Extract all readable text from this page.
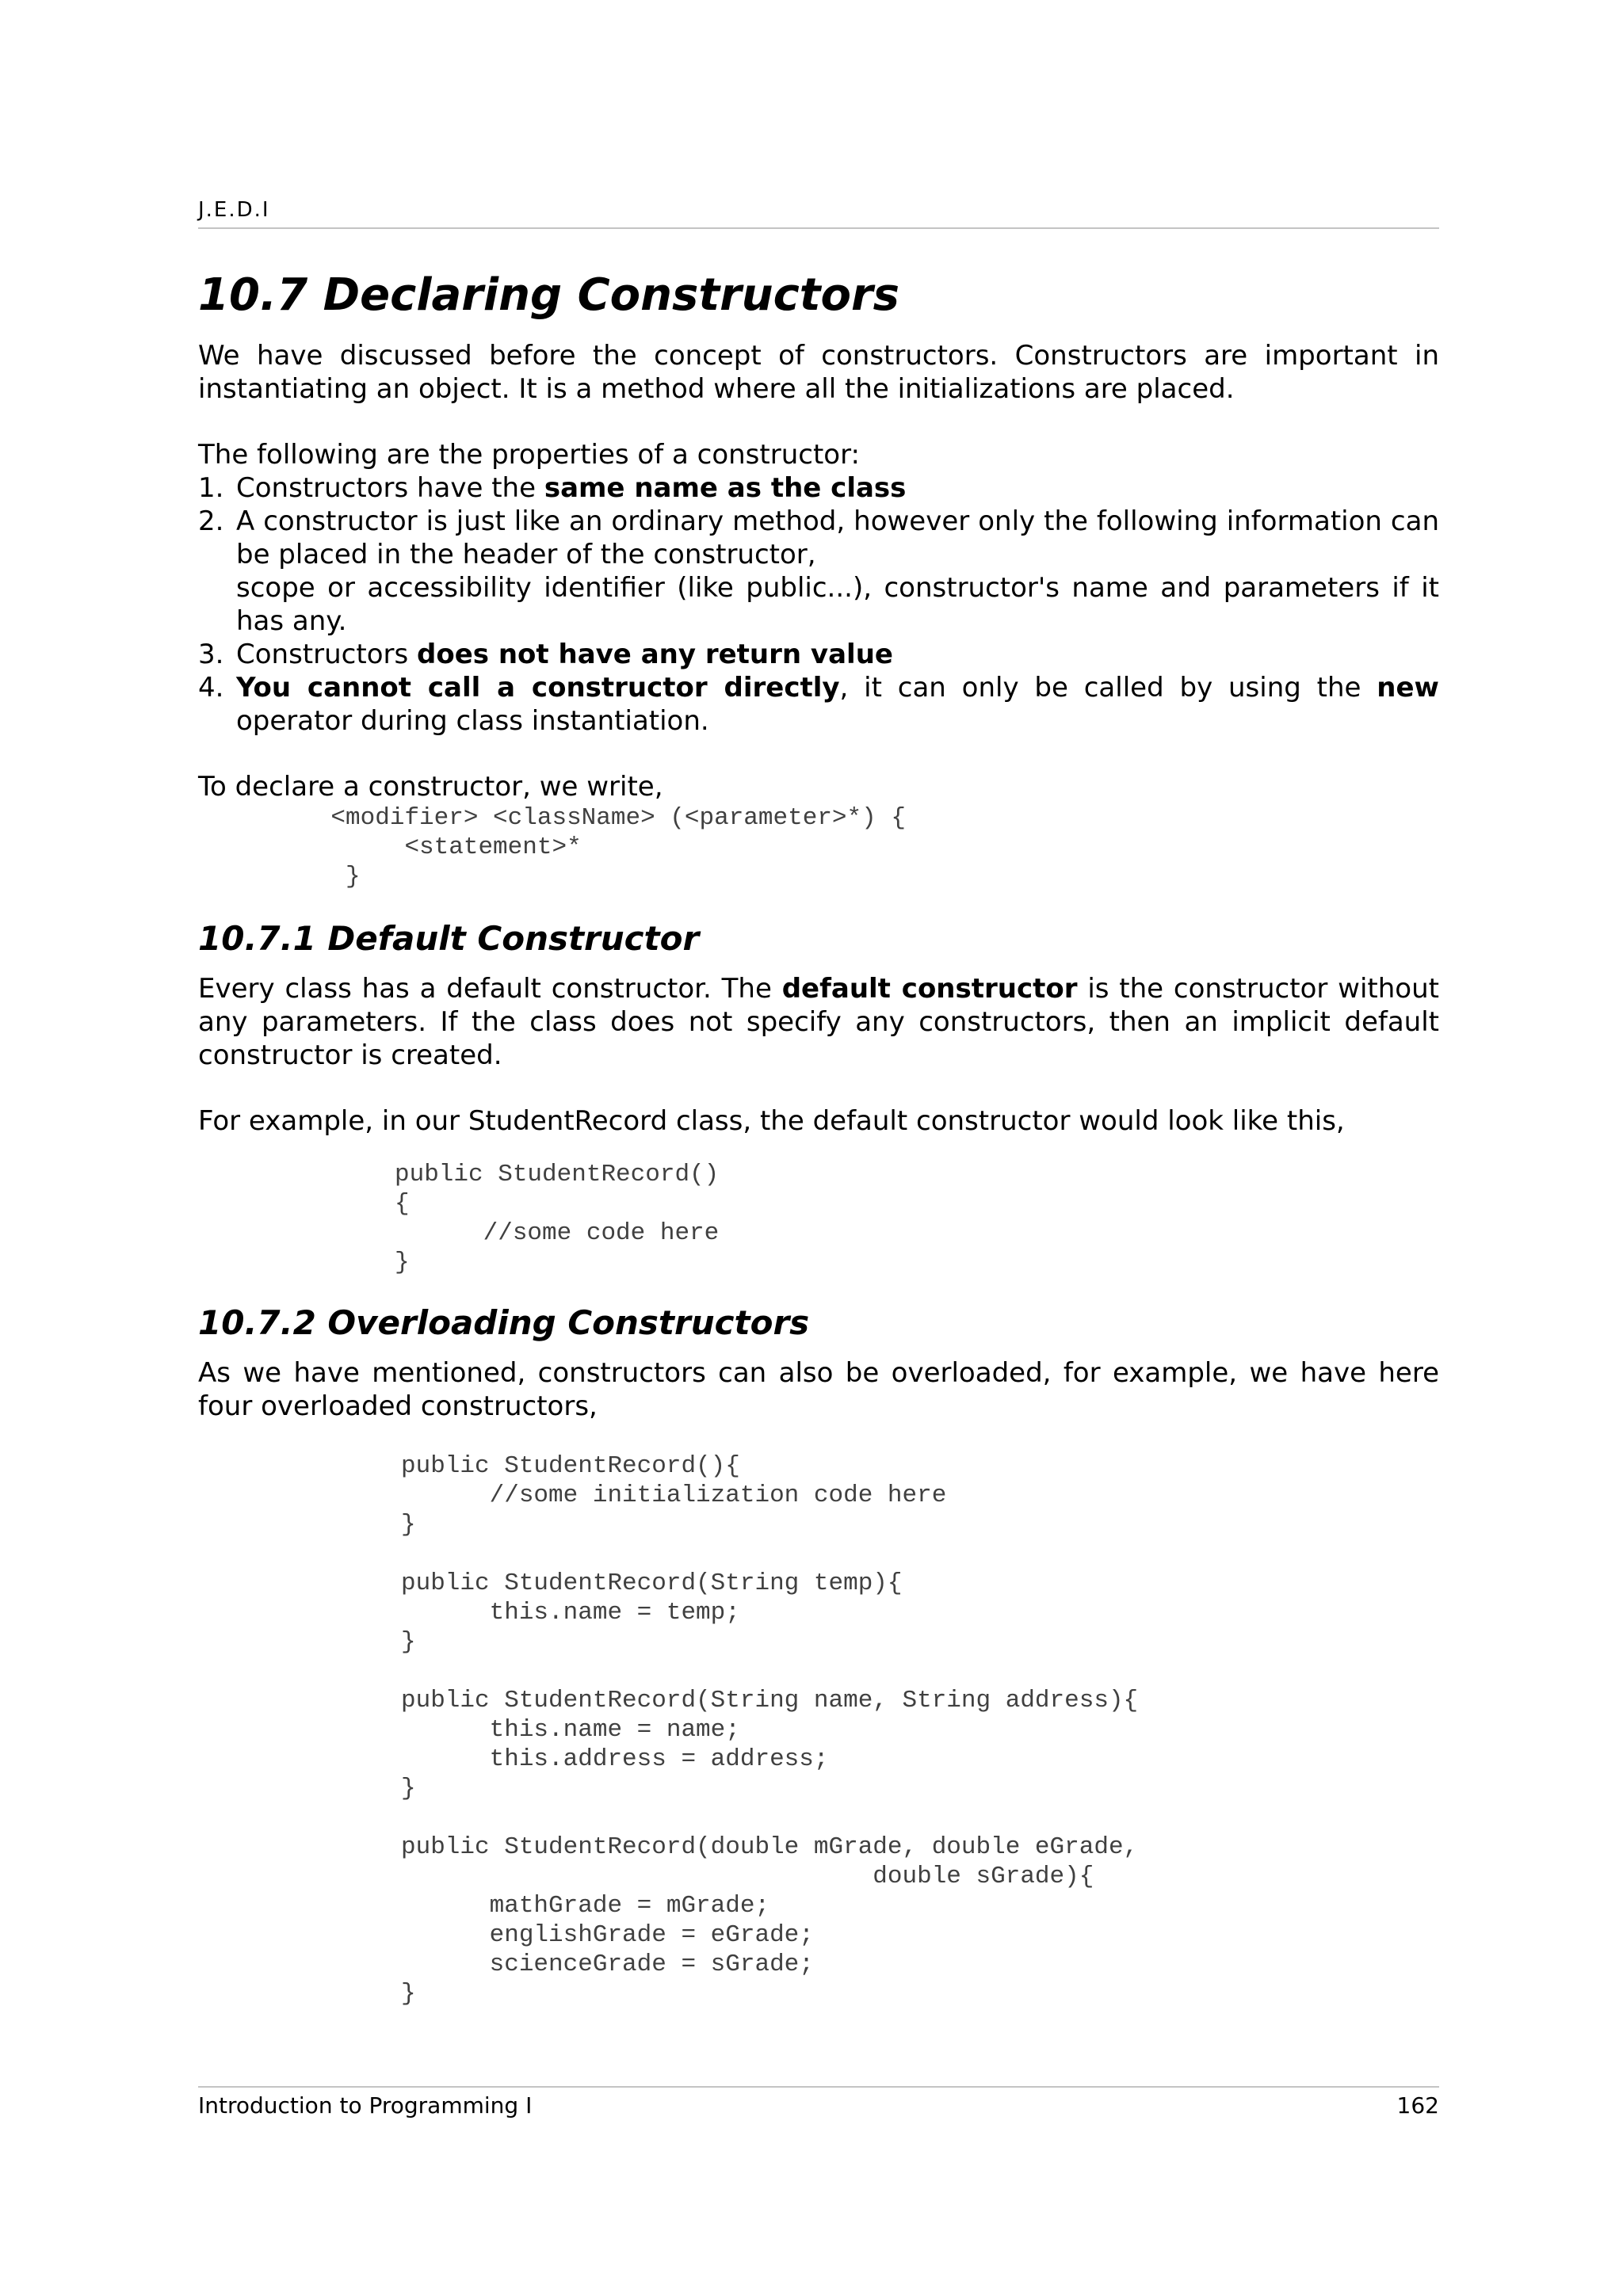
J.E.D.I
10.7 Declaring Constructors

We have discussed before the concept of constructors. Constructors are important in instantiating an object. It is a method where all the initializations are placed.

The following are the properties of a constructor:

1. Constructors have the same name as the class
2. A constructor is just like an ordinary method, however only the following information can be placed in the header of the constructor,
scope or accessibility identifier (like public...), constructor's name and parameters if it has any.
3. Constructors does not have any return value
4. You cannot call a constructor directly, it can only be called by using the new operator during class instantiation.

To declare a constructor, we write,

<modifier> <className> (<parameter>*) {
<statement>*
}
10.7.1 Default Constructor

Every class has a default constructor. The default constructor is the constructor without any parameters. If the class does not specify any constructors, then an implicit default constructor is created.

For example, in our StudentRecord class, the default constructor would look like this,

public StudentRecord()
{
//some code here
}
10.7.2 Overloading Constructors

As we have mentioned, constructors can also be overloaded, for example, we have here four overloaded constructors,

public StudentRecord(){
//some initialization code here
}

public StudentRecord(String temp){
this.name = temp;
}

public StudentRecord(String name, String address){
this.name = name;
this.address = address;
}

public StudentRecord(double mGrade, double eGrade,
double sGrade){
mathGrade = mGrade;
englishGrade = eGrade;
scienceGrade = sGrade;
}
Introduction to Programming I	162
